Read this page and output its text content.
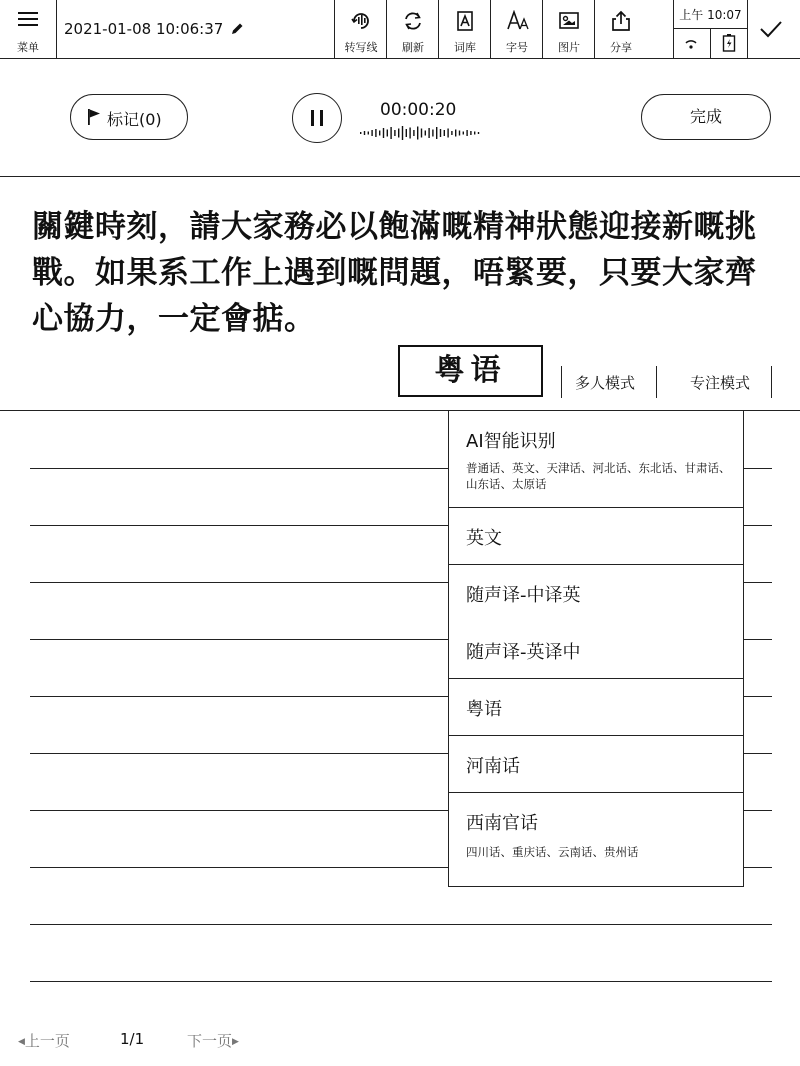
菜单
2021-01-08 10:06:37
转写线	刷新	词库	字号	图片	分享
上午 10:07
标记(0)	00:00:20	完成
關鍵時刻，請大家務必以飽滿嘅精神狀態迎接新嘅挑戰。如果系工作上遇到嘅問題，唔緊要，只要大家齊心協力，一定會掂。
粤语	多人模式	专注模式
AI智能识别
普通话、英文、天津话、河北话、东北话、甘肃话、山东话、太原话
英文
随声译-中译英
随声译-英译中
粤语
河南话
西南官话
四川话、重庆话、云南话、贵州话
◀上一页	1/1	下一页▶
